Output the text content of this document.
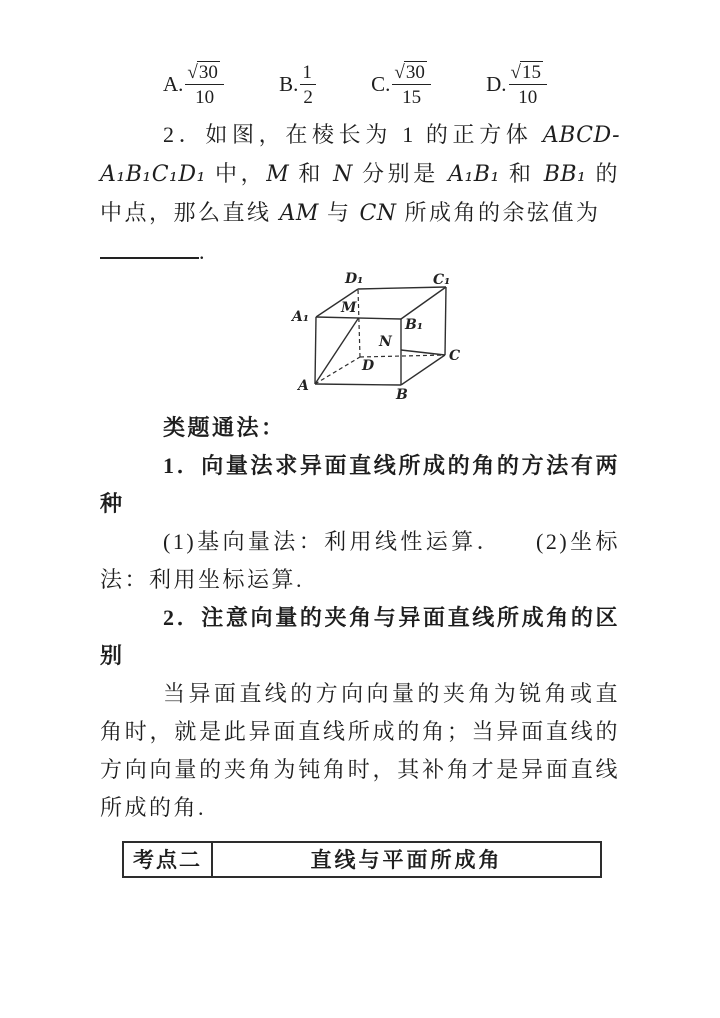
A. $\frac{√ 30}{10}$	B. $\frac{1}{2}$	C. $\frac{√ 30}{15}$	D. $\frac{√ 15}{10}$

2．如图，在棱长为 1 的正方体 ABCD-A₁B₁C₁D₁ 中，M 和 N 分别是 A₁B₁ 和 BB₁ 的中点，那么直线 AM 与 CN 所成角的余弦值为

.

A₁
D₁	C₁
B₁
M
N
D
C
A
B

类题通法：

1．向量法求异面直线所成的角的方法有两种

(1)基向量法：利用线性运算． (2)坐标法：利用坐标运算.

2．注意向量的夹角与异面直线所成角的区别

当异面直线的方向向量的夹角为锐角或直角时，就是此异面直线所成的角；当异面直线的方向向量的夹角为钝角时，其补角才是异面直线所成的角.

考点二	直线与平面所成角
